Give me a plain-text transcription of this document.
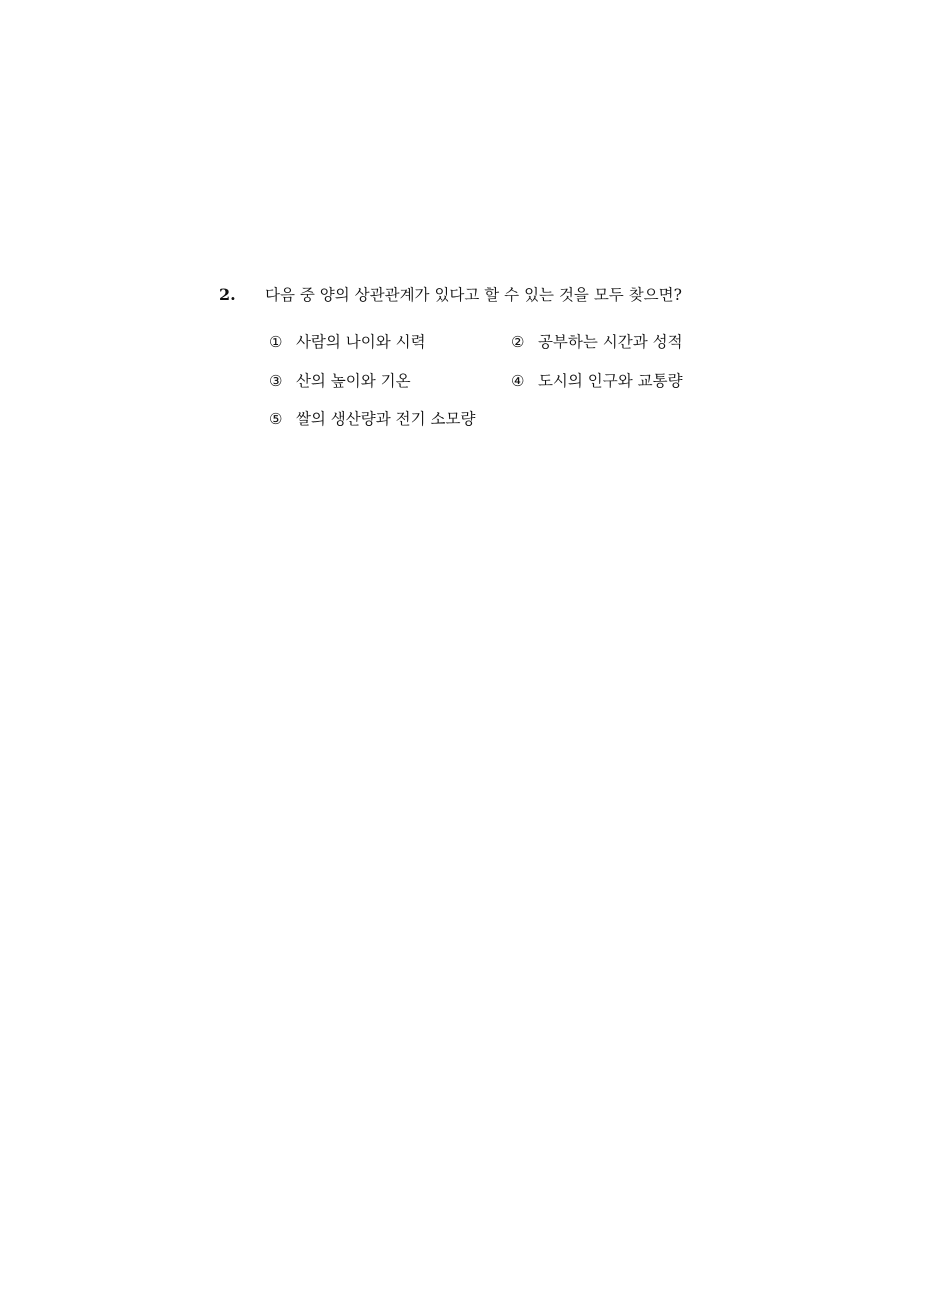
2. 다음 중 양의 상관관계가 있다고 할 수 있는 것을 모두 찾으면?
① 사람의 나이와 시력	② 공부하는 시간과 성적
③ 산의 높이와 기온	④ 도시의 인구와 교통량
⑤ 쌀의 생산량과 전기 소모량
